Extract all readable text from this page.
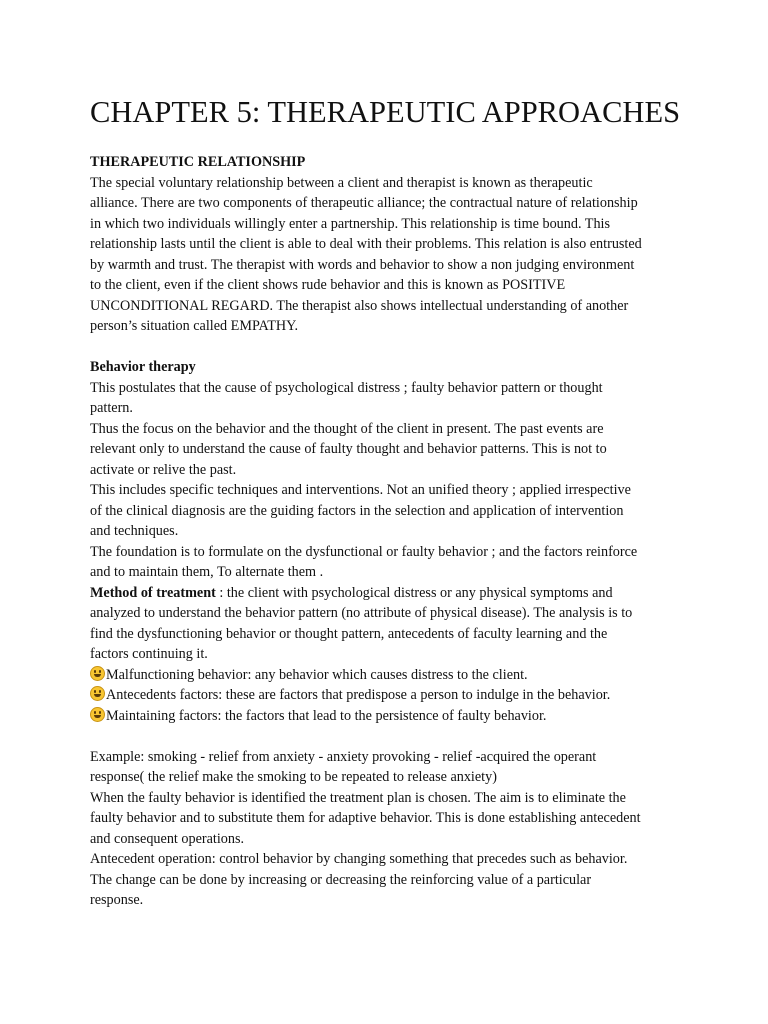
CHAPTER 5: THERAPEUTIC APPROACHES
THERAPEUTIC RELATIONSHIP
The special voluntary relationship between a client and therapist is known as therapeutic
alliance. There are two components of therapeutic alliance; the contractual nature of relationship
in which two individuals willingly enter a partnership. This relationship is time bound. This
relationship lasts until the client is able to deal with their problems. This relation is also entrusted
by warmth and trust. The therapist with words and behavior to show a non judging environment
to the client, even if the client shows rude behavior and this is known as POSITIVE
UNCONDITIONAL REGARD. The therapist also shows intellectual understanding of another
person’s situation called EMPATHY.
Behavior therapy
This postulates that the cause of psychological distress ; faulty behavior pattern or thought
pattern.
Thus the focus on the behavior and the thought of the client in present. The past events are
relevant only to understand the cause of faulty thought and behavior patterns. This is not to
activate or relive the past.
This includes specific techniques and interventions. Not an unified theory ; applied irrespective
of the clinical diagnosis are the guiding factors in the selection and application of intervention
and techniques.
The foundation is to formulate on the dysfunctional or faulty behavior ; and the factors reinforce
and to maintain them, To alternate them .
Method of treatment : the client with psychological distress or any physical symptoms and
analyzed to understand the behavior pattern (no attribute of physical disease). The analysis is to
find the dysfunctioning behavior or thought pattern, antecedents of faculty learning and the
factors continuing it.
Malfunctioning behavior: any behavior which causes distress to the client.
Antecedents factors: these are factors that predispose a person to indulge in the behavior.
Maintaining factors: the factors that lead to the persistence of faulty behavior.
Example: smoking - relief from anxiety - anxiety provoking - relief -acquired the operant
response( the relief make the smoking to be repeated to release anxiety)
When the faulty behavior is identified the treatment plan is chosen. The aim is to eliminate the
faulty behavior and to substitute them for adaptive behavior. This is done establishing antecedent
and consequent operations.
Antecedent operation: control behavior by changing something that precedes such as behavior.
The change can be done by increasing or decreasing the reinforcing value of a particular
response.
